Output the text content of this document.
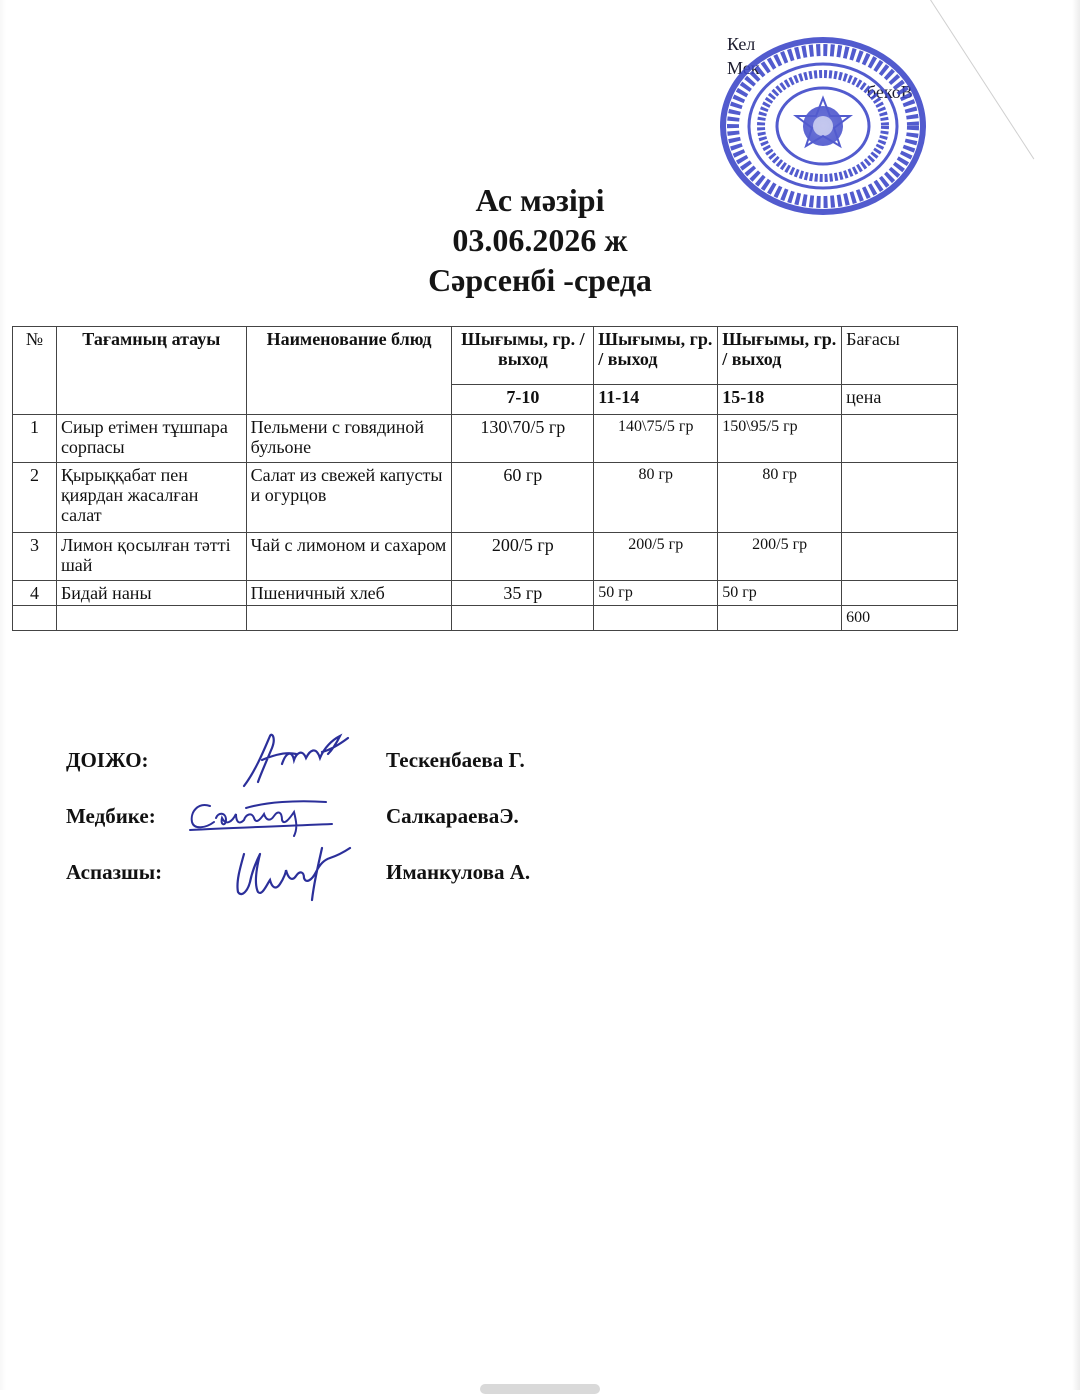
Кел
Мек
бекоВ
Ас мәзірі
03.06.2026 ж
Сәрсенбі -среда
№	Тағамның атауы	Наименование блюд	Шығымы, гр. / выход	Шығымы, гр. / выход	Шығымы, гр. / выход	Бағасы
			7-10	11-14	15-18	цена
1	Сиыр етімен тұшпара сорпасы	Пельмени с говядиной бульоне	130\70/5 гр	140\75/5 гр	150\95/5 гр	
2	Қырыққабат пен қиярдан жасалған салат	Салат из свежей капусты и огурцов	60 гр	80 гр	80 гр	
3	Лимон қосылған тәтті шай	Чай с лимоном и сахаром	200/5 гр	200/5 гр	200/5 гр	
4	Бидай наны	Пшеничный хлеб	35 гр	50 гр	50 гр	
						600
ДОІЖО:	Тескенбаева Г.
Медбике:	СалкараеваЭ.
Аспазшы:	Иманкулова А.
